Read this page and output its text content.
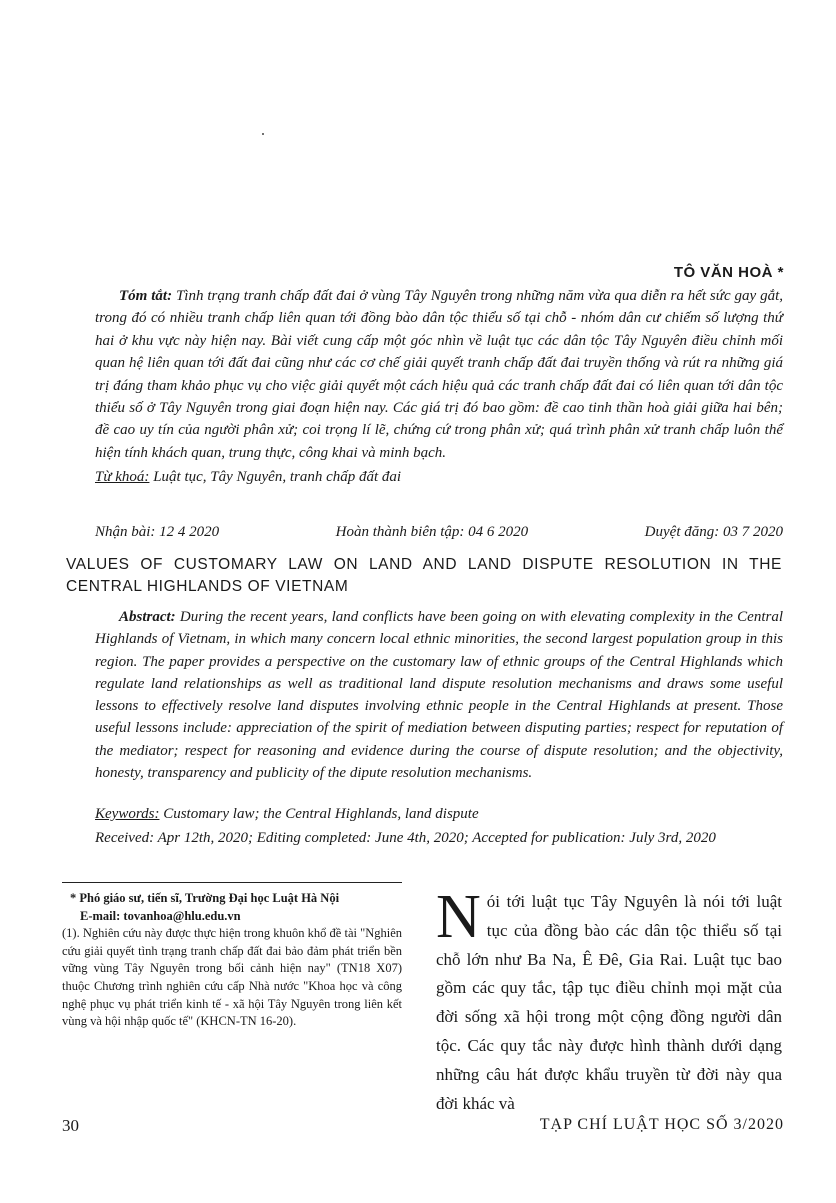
TÔ VĂN HOÀ *
Tóm tắt: Tình trạng tranh chấp đất đai ở vùng Tây Nguyên trong những năm vừa qua diễn ra hết sức gay gắt, trong đó có nhiều tranh chấp liên quan tới đồng bào dân tộc thiểu số tại chỗ - nhóm dân cư chiếm số lượng thứ hai ở khu vực này hiện nay. Bài viết cung cấp một góc nhìn về luật tục các dân tộc Tây Nguyên điều chỉnh mối quan hệ liên quan tới đất đai cũng như các cơ chế giải quyết tranh chấp đất đai truyền thống và rút ra những giá trị đáng tham khảo phục vụ cho việc giải quyết một cách hiệu quả các tranh chấp đất đai có liên quan tới dân tộc thiểu số ở Tây Nguyên trong giai đoạn hiện nay. Các giá trị đó bao gồm: đề cao tinh thần hoà giải giữa hai bên; đề cao uy tín của người phân xử; coi trọng lí lẽ, chứng cứ trong phân xử; quá trình phân xử tranh chấp luôn thể hiện tính khách quan, trung thực, công khai và minh bạch.
Từ khoá: Luật tục, Tây Nguyên, tranh chấp đất đai
Nhận bài: 12 4 2020	Hoàn thành biên tập: 04 6 2020	Duyệt đăng: 03 7 2020
VALUES OF CUSTOMARY LAW ON LAND AND LAND DISPUTE RESOLUTION IN THE CENTRAL HIGHLANDS OF VIETNAM
Abstract: During the recent years, land conflicts have been going on with elevating complexity in the Central Highlands of Vietnam, in which many concern local ethnic minorities, the second largest population group in this region. The paper provides a perspective on the customary law of ethnic groups of the Central Highlands which regulate land relationships as well as traditional land dispute resolution mechanisms and draws some useful lessons to effectively resolve land disputes involving ethnic people in the Central Highlands at present. Those useful lessons include: appreciation of the spirit of mediation between disputing parties; respect for reputation of the mediator; respect for reasoning and evidence during the course of dispute resolution; and the objectivity, honesty, transparency and publicity of the dipute resolution mechanisms.
Keywords: Customary law; the Central Highlands, land dispute
Received: Apr 12th, 2020; Editing completed: June 4th, 2020; Accepted for publication: July 3rd, 2020
* Phó giáo sư, tiến sĩ, Trường Đại học Luật Hà Nội
E-mail: tovanhoa@hlu.edu.vn
(1). Nghiên cứu này được thực hiện trong khuôn khổ đề tài "Nghiên cứu giải quyết tình trạng tranh chấp đất đai bảo đảm phát triển bền vững vùng Tây Nguyên trong bối cảnh hiện nay" (TN18 X07) thuộc Chương trình nghiên cứu cấp Nhà nước "Khoa học và công nghệ phục vụ phát triển kinh tế - xã hội Tây Nguyên trong liên kết vùng và hội nhập quốc tế" (KHCN-TN 16-20).
Nói tới luật tục Tây Nguyên là nói tới luật tục của đồng bào các dân tộc thiểu số tại chỗ lớn như Ba Na, Ê Đê, Gia Rai. Luật tục bao gồm các quy tắc, tập tục điều chỉnh mọi mặt của đời sống xã hội trong một cộng đồng người dân tộc. Các quy tắc này được hình thành dưới dạng những câu hát được khẩu truyền từ đời này qua đời khác và
30	TẠP CHÍ LUẬT HỌC SỐ 3/2020
